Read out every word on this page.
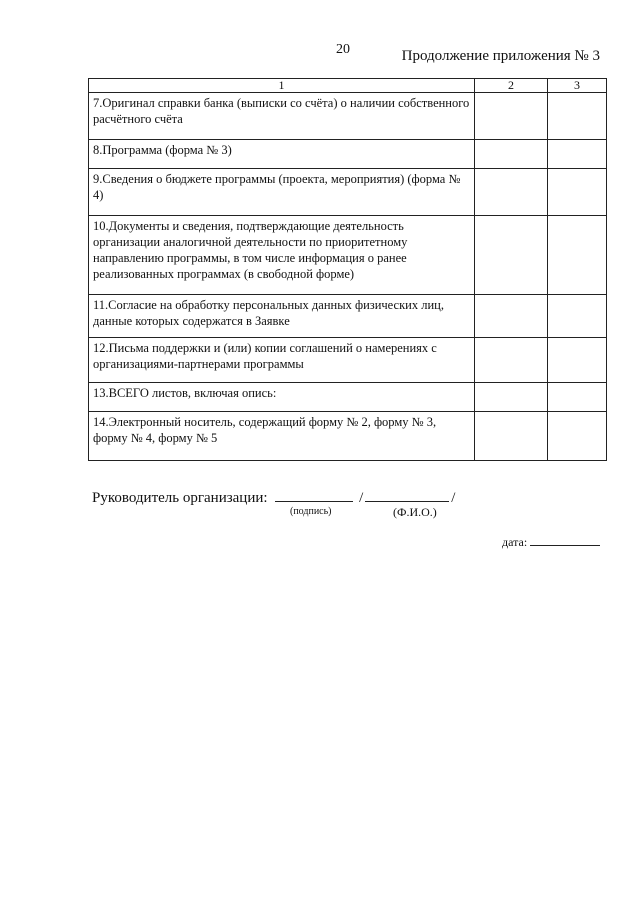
20	Продолжение приложения № 3
1	2	3
7.Оригинал справки банка (выписки со счёта) о наличии собственного расчётного счёта		
8.Программа (форма № 3)		
9.Сведения о бюджете программы (проекта, мероприятия) (форма № 4)		
10.Документы и сведения, подтверждающие деятельность организации аналогичной деятельности по приоритетному направлению программы, в том числе информация о ранее реализованных программах (в свободной форме)		
11.Согласие на обработку персональных данных физических лиц, данные которых содержатся в Заявке		
12.Письма поддержки и (или) копии соглашений о намерениях с организациями-партнерами программы		
13.ВСЕГО листов, включая опись:		
14.Электронный носитель, содержащий форму № 2, форму № 3, форму № 4, форму № 5		
Руководитель организации:	/	/
(подпись)	(Ф.И.О.)
дата:
